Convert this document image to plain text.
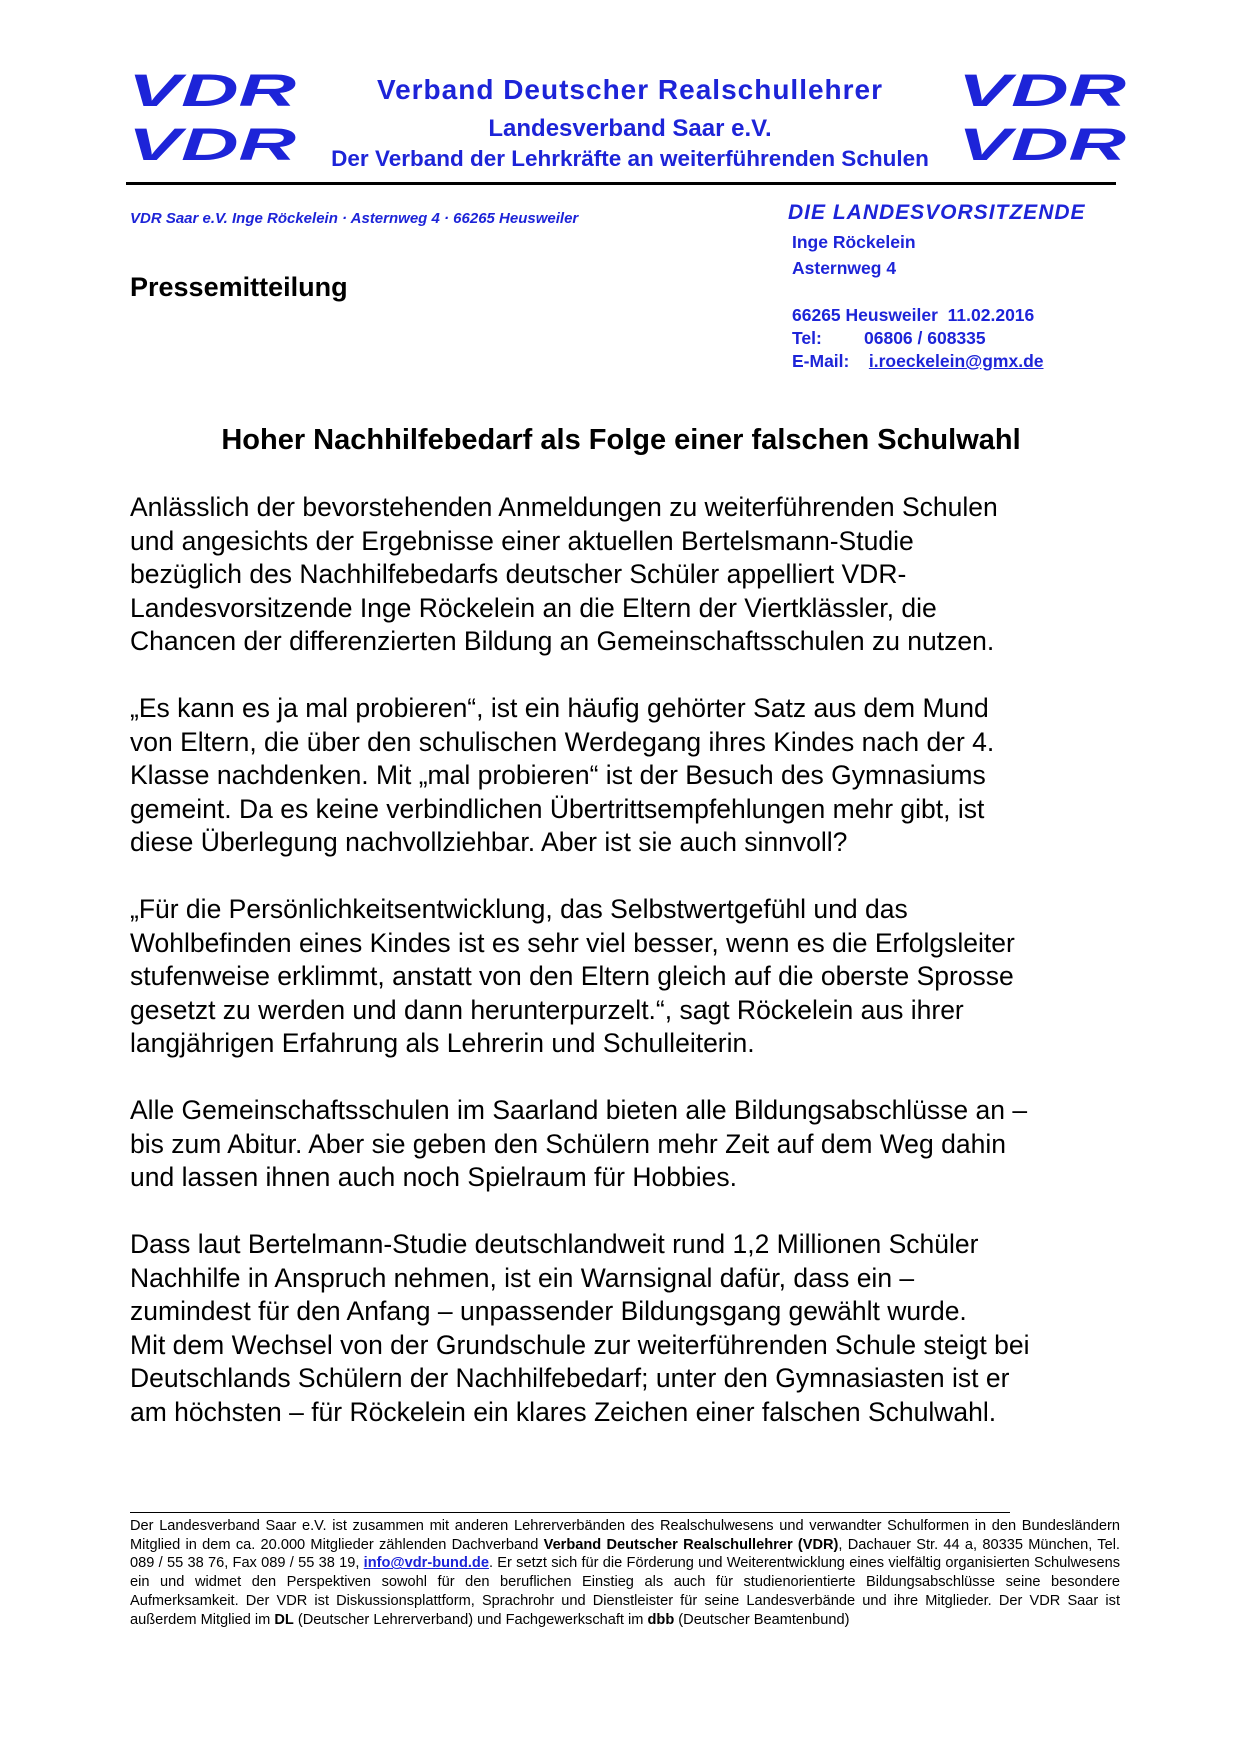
VDR
VDR
VDR
VDR
Verband Deutscher Realschullehrer
Landesverband Saar e.V.
Der Verband der Lehrkräfte an weiterführenden Schulen
VDR Saar e.V. Inge Röckelein · Asternweg 4 · 66265 Heusweiler	DIE LANDESVORSITZENDE
Inge Röckelein
Asternweg 4
66265 Heusweiler  11.02.2016
Tel: 06806 / 608335
E-Mail: i.roeckelein@gmx.de
Pressemitteilung
Hoher Nachhilfebedarf als Folge einer falschen Schulwahl
Anlässlich der bevorstehenden Anmeldungen zu weiterführenden Schulen
und angesichts der Ergebnisse einer aktuellen Bertelsmann-Studie
bezüglich des Nachhilfebedarfs deutscher Schüler appelliert VDR-
Landesvorsitzende Inge Röckelein an die Eltern der Viertklässler, die
Chancen der differenzierten Bildung an Gemeinschaftsschulen zu nutzen.
„Es kann es ja mal probieren“, ist ein häufig gehörter Satz aus dem Mund
von Eltern, die über den schulischen Werdegang ihres Kindes nach der 4.
Klasse nachdenken. Mit „mal probieren“ ist der Besuch des Gymnasiums
gemeint. Da es keine verbindlichen Übertrittsempfehlungen mehr gibt, ist
diese Überlegung nachvollziehbar. Aber ist sie auch sinnvoll?
„Für die Persönlichkeitsentwicklung, das Selbstwertgefühl und das
Wohlbefinden eines Kindes ist es sehr viel besser, wenn es die Erfolgsleiter
stufenweise erklimmt, anstatt von den Eltern gleich auf die oberste Sprosse
gesetzt zu werden und dann herunterpurzelt.“, sagt Röckelein aus ihrer
langjährigen Erfahrung als Lehrerin und Schulleiterin.
Alle Gemeinschaftsschulen im Saarland bieten alle Bildungsabschlüsse an –
bis zum Abitur. Aber sie geben den Schülern mehr Zeit auf dem Weg dahin
und lassen ihnen auch noch Spielraum für Hobbies.
Dass laut Bertelmann-Studie deutschlandweit rund 1,2 Millionen Schüler
Nachhilfe in Anspruch nehmen, ist ein Warnsignal dafür, dass ein –
zumindest für den Anfang – unpassender Bildungsgang gewählt wurde.
Mit dem Wechsel von der Grundschule zur weiterführenden Schule steigt bei
Deutschlands Schülern der Nachhilfebedarf; unter den Gymnasiasten ist er
am höchsten – für Röckelein ein klares Zeichen einer falschen Schulwahl.
Der Landesverband Saar e.V. ist zusammen mit anderen Lehrerverbänden des Realschulwesens und verwandter Schulformen in den Bundesländern Mitglied in dem ca. 20.000 Mitglieder zählenden Dachverband Verband Deutscher Realschullehrer (VDR), Dachauer Str. 44 a, 80335 München, Tel. 089 / 55 38 76, Fax 089 / 55 38 19, info@vdr-bund.de. Er setzt sich für die Förderung und Weiterentwicklung eines vielfältig organisierten Schulwesens ein und widmet den Perspektiven sowohl für den beruflichen Einstieg als auch für studienorientierte Bildungsabschlüsse seine besondere Aufmerksamkeit. Der VDR ist Diskussionsplattform, Sprachrohr und Dienstleister für seine Landesverbände und ihre Mitglieder. Der VDR Saar ist außerdem Mitglied im DL (Deutscher Lehrerverband) und Fachgewerkschaft im dbb (Deutscher Beamtenbund)
